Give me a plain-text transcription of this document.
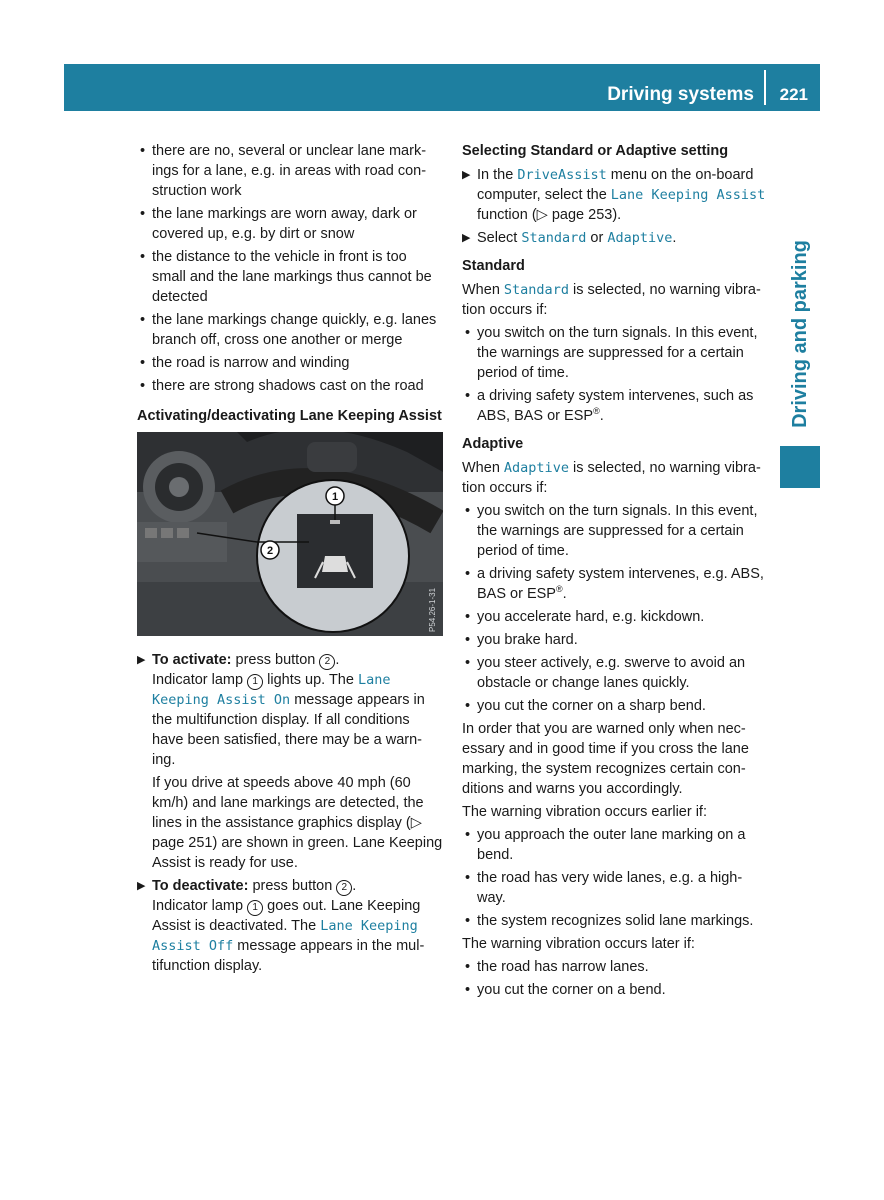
Driving systems 221
Driving and parking
• there are no, several or unclear lane mark-ings for a lane, e.g. in areas with road con-struction work
• the lane markings are worn away, dark or covered up, e.g. by dirt or snow
• the distance to the vehicle in front is too small and the lane markings thus cannot be detected
• the lane markings change quickly, e.g. lanes branch off, cross one another or merge
• the road is narrow and winding
• there are strong shadows cast on the road
Activating/deactivating Lane Keeping Assist
1
2
P54.26-1-31
▶ To activate: press button 2 .
Indicator lamp 1 lights up. The Lane Keeping Assist On message appears in the multifunction display. If all conditions have been satisfied, there may be a warn-ing.

If you drive at speeds above 40 mph (60 km/h) and lane markings are detected, the lines in the assistance graphics display (▷ page 251) are shown in green. Lane Keeping Assist is ready for use.

▶ To deactivate: press button 2 .
Indicator lamp 1 goes out. Lane Keeping Assist is deactivated. The Lane Keeping Assist Off message appears in the mul-tifunction display.
Selecting Standard or Adaptive setting
▶ In the DriveAssist menu on the on-board computer, select the Lane Keeping Assist function (▷ page 253).
▶ Select Standard or Adaptive.
Standard

When Standard is selected, no warning vibra-tion occurs if:

• you switch on the turn signals. In this event, the warnings are suppressed for a certain period of time.
• a driving safety system intervenes, such as ABS, BAS or ESP®.
Adaptive

When Adaptive is selected, no warning vibra-tion occurs if:

• you switch on the turn signals. In this event, the warnings are suppressed for a certain period of time.
• a driving safety system intervenes, e.g. ABS, BAS or ESP®.
• you accelerate hard, e.g. kickdown.
• you brake hard.
• you steer actively, e.g. swerve to avoid an obstacle or change lanes quickly.
• you cut the corner on a sharp bend.

In order that you are warned only when nec-essary and in good time if you cross the lane marking, the system recognizes certain con-ditions and warns you accordingly.

The warning vibration occurs earlier if:

• you approach the outer lane marking on a bend.
• the road has very wide lanes, e.g. a high-way.
• the system recognizes solid lane markings.

The warning vibration occurs later if:

• the road has narrow lanes.
• you cut the corner on a bend.
